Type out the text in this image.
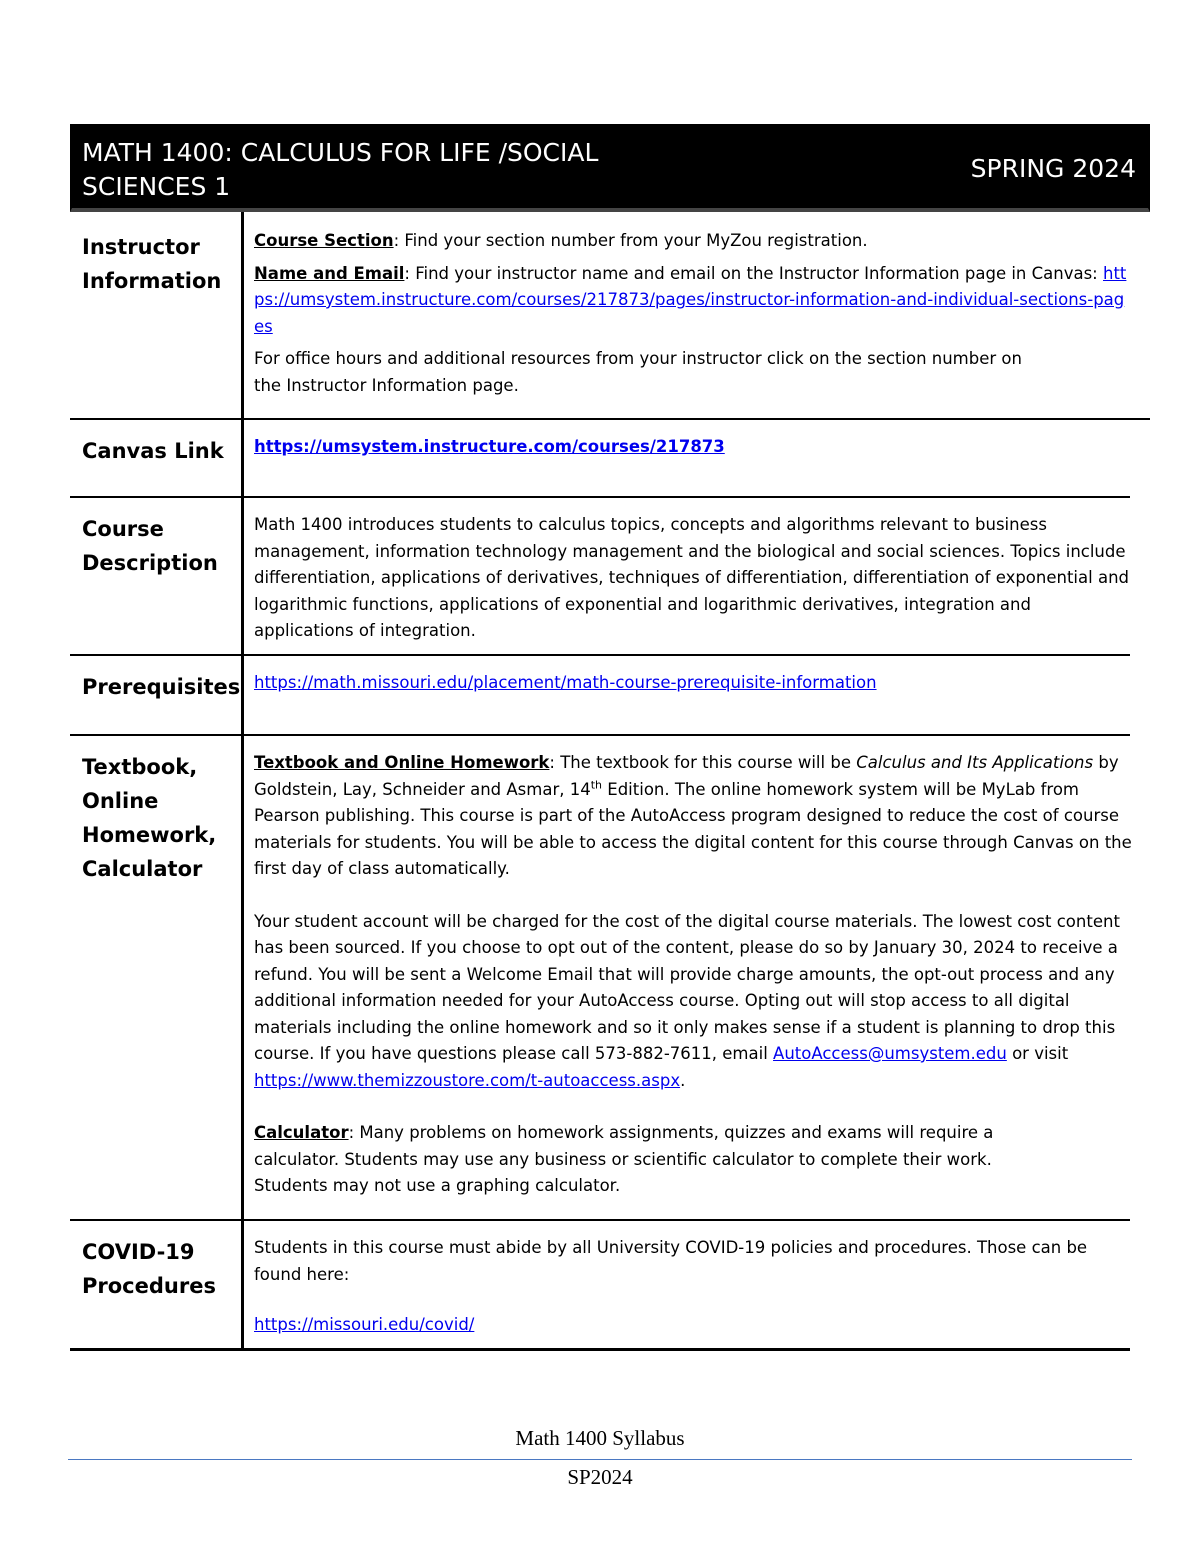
MATH 1400: CALCULUS FOR LIFE /SOCIAL SCIENCES 1
SPRING 2024
Instructor Information

Course Section: Find your section number from your MyZou registration.

Name and Email: Find your instructor name and email on the Instructor Information page in Canvas: https://umsystem.instructure.com/courses/217873/pages/instructor-information-and-individual-sections-pages

For office hours and additional resources from your instructor click on the section number on the Instructor Information page.

Canvas Link	https://umsystem.instructure.com/courses/217873
Course Description

Math 1400 introduces students to calculus topics, concepts and algorithms relevant to business management, information technology management and the biological and social sciences. Topics include differentiation, applications of derivatives, techniques of differentiation, differentiation of exponential and logarithmic functions, applications of exponential and logarithmic derivatives, integration and applications of integration.

Prerequisites https://math.missouri.edu/placement/math-course-prerequisite-information
Textbook, Online Homework, Calculator

Textbook and Online Homework: The textbook for this course will be Calculus and Its Applications by Goldstein, Lay, Schneider and Asmar, 14th Edition. The online homework system will be MyLab from Pearson publishing. This course is part of the AutoAccess program designed to reduce the cost of course materials for students. You will be able to access the digital content for this course through Canvas on the first day of class automatically.

Your student account will be charged for the cost of the digital course materials. The lowest cost content has been sourced. If you choose to opt out of the content, please do so by January 30, 2024 to receive a refund. You will be sent a Welcome Email that will provide charge amounts, the opt-out process and any additional information needed for your AutoAccess course. Opting out will stop access to all digital materials including the online homework and so it only makes sense if a student is planning to drop this course. If you have questions please call 573-882-7611, email AutoAccess@umsystem.edu or visit https://www.themizzoustore.com/t-autoaccess.aspx.

Calculator: Many problems on homework assignments, quizzes and exams will require a calculator. Students may use any business or scientific calculator to complete their work. Students may not use a graphing calculator.

COVID-19 Procedures

Students in this course must abide by all University COVID-19 policies and procedures. Those can be found here:

https://missouri.edu/covid/
Math 1400 Syllabus
SP2024
